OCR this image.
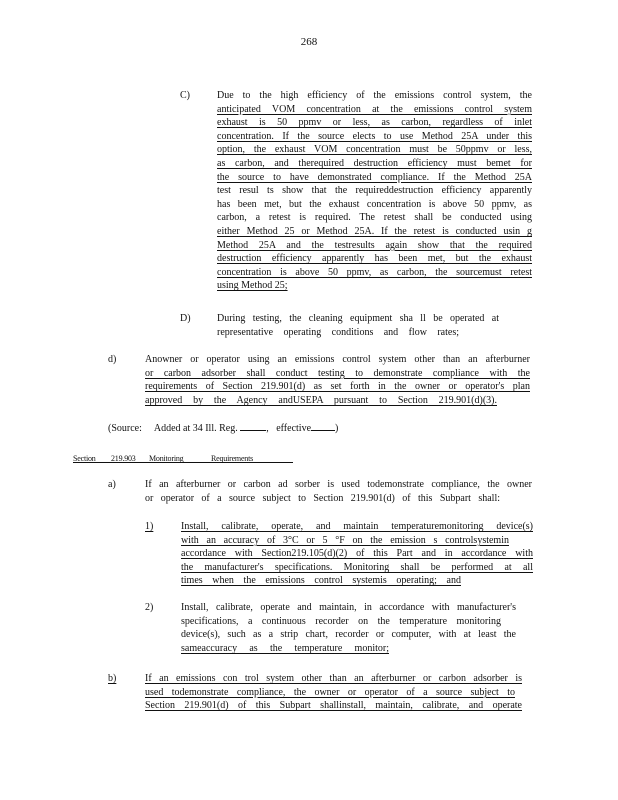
268
C)	Due to the high efficiency of the emissions control system, the
anticipated VOM concentration at the emissions control system
exhaust is 50 ppmv or less, as carbon, regardless of inlet
concentration. If the source elects to use Method 25A under this
option, the exhaust VOM concentration must be 50ppmv or less,
as carbon, and therequired destruction efficiency must bemet for
the source to have demonstrated compliance. If the Method 25A
test resul ts show that the requireddestruction efficiency apparently
has been met, but the exhaust concentration is above 50 ppmv, as
carbon, a retest is required. The retest shall be conducted using
either Method 25 or Method 25A. If the retest is conducted usin g
Method 25A and the testresults again show that the required
destruction efficiency apparently has been met, but the exhaust
concentration is above 50 ppmv, as carbon, the sourcemust retest
using Method 25;
D)	During testing, the cleaning equipment sha ll be operated at
representative operating conditions and flow rates;
d)	Anowner or operator using an emissions control system other than an afterburner
or carbon adsorber shall conduct testing to demonstrate compliance with the
requirements of Section 219.901(d) as set forth in the owner or operator's plan
approved by the Agency andUSEPA pursuant to Section 219.901(d)(3).
(Source: Added at 34 Ill. Reg.	,   effective )
Section 219.903 Monitoring	Requirements
a)	If an afterburner or carbon ad sorber is used todemonstrate compliance, the owner
or operator of a source subject to Section 219.901(d) of this Subpart shall:
1)	Install, calibrate, operate, and maintain temperaturemonitoring device(s)
with an accuracy of 3°C or 5 °F on the emission s controlsystemin
accordance with Section219.105(d)(2) of this Part and in accordance with
the manufacturer's specifications. Monitoring shall be performed at all
times when the emissions control systemis operating; and
2)	Install, calibrate, operate and maintain, in accordance with manufacturer's
specifications, a continuous recorder on the temperature monitoring
device(s), such as a strip chart, recorder or computer, with at least the
sameaccuracy as the temperature monitor;
b)	If an emissions con trol system other than an afterburner or carbon adsorber is
used todemonstrate compliance, the owner or operator of a source subject to
Section 219.901(d) of this Subpart shallinstall, maintain, calibrate, and operate
